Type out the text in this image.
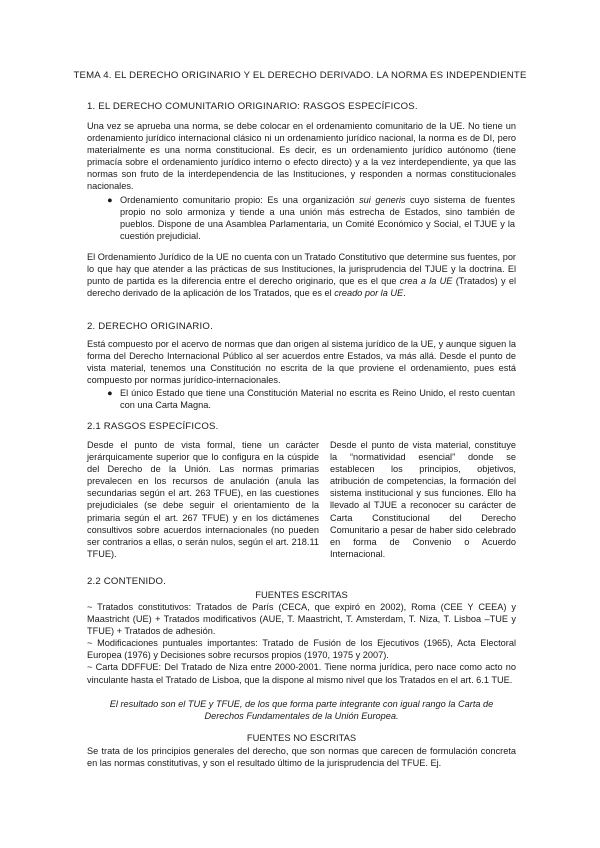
TEMA 4. EL DERECHO ORIGINARIO Y EL DERECHO DERIVADO. LA NORMA ES INDEPENDIENTE
1. EL DERECHO COMUNITARIO ORIGINARIO: RASGOS ESPECÍFICOS.
Una vez se aprueba una norma, se debe colocar en el ordenamiento comunitario de la UE. No tiene un ordenamiento jurídico internacional clásico ni un ordenamiento jurídico nacional, la norma es de DI, pero materialmente es una norma constitucional. Es decir, es un ordenamiento jurídico autónomo (tiene primacía sobre el ordenamiento jurídico interno o efecto directo) y a la vez interdependiente, ya que las normas son fruto de la interdependencia de las Instituciones, y responden a normas constitucionales nacionales.
● Ordenamiento comunitario propio: Es una organización sui generis cuyo sistema de fuentes propio no solo armoniza y tiende a una unión más estrecha de Estados, sino también de pueblos. Dispone de una Asamblea Parlamentaria, un Comité Económico y Social, el TJUE y la cuestión prejudicial.
El Ordenamiento Jurídico de la UE no cuenta con un Tratado Constitutivo que determine sus fuentes, por lo que hay que atender a las prácticas de sus Instituciones, la jurisprudencia del TJUE y la doctrina. El punto de partida es la diferencia entre el derecho originario, que es el que crea a la UE (Tratados) y el derecho derivado de la aplicación de los Tratados, que es el creado por la UE.
2. DERECHO ORIGINARIO.
Está compuesto por el acervo de normas que dan origen al sistema jurídico de la UE, y aunque siguen la forma del Derecho Internacional Público al ser acuerdos entre Estados, va más allá. Desde el punto de vista material, tenemos una Constitución no escrita de la que proviene el ordenamiento, pues está compuesto por normas jurídico-internacionales.
● El único Estado que tiene una Constitución Material no escrita es Reino Unido, el resto cuentan con una Carta Magna.
2.1 RASGOS ESPECÍFICOS.
Desde el punto de vista formal, tiene un carácter jerárquicamente superior que lo configura en la cúspide del Derecho de la Unión. Las normas primarias prevalecen en los recursos de anulación (anula las secundarias según el art. 263 TFUE), en las cuestiones prejudiciales (se debe seguir el orientamiento de la primaria según el art. 267 TFUE) y en los dictámenes consultivos sobre acuerdos internacionales (no pueden ser contrarios a ellas, o serán nulos, según el art. 218.11 TFUE).
Desde el punto de vista material, constituye la “normatividad esencial” donde se establecen los principios, objetivos, atribución de competencias, la formación del sistema institucional y sus funciones. Ello ha llevado al TJUE a reconocer su carácter de Carta Constitucional del Derecho Comunitario a pesar de haber sido celebrado en forma de Convenio o Acuerdo Internacional.
2.2 CONTENIDO.
FUENTES ESCRITAS
~ Tratados constitutivos: Tratados de París (CECA, que expiró en 2002), Roma (CEE Y CEEA) y Maastricht (UE) + Tratados modificativos (AUE, T. Maastricht, T. Amsterdam, T. Niza, T. Lisboa –TUE y TFUE) + Tratados de adhesión.
~ Modificaciones puntuales importantes: Tratado de Fusión de los Ejecutivos (1965), Acta Electoral Europea (1976) y Decisiones sobre recursos propios (1970, 1975 y 2007).
~ Carta DDFFUE: Del Tratado de Niza entre 2000-2001. Tiene norma jurídica, pero nace como acto no vinculante hasta el Tratado de Lisboa, que la dispone al mismo nivel que los Tratados en el art. 6.1 TUE.
El resultado son el TUE y TFUE, de los que forma parte integrante con igual rango la Carta de Derechos Fundamentales de la Unión Europea.
FUENTES NO ESCRITAS
Se trata de los principios generales del derecho, que son normas que carecen de formulación concreta en las normas constitutivas, y son el resultado último de la jurisprudencia del TFUE. Ej.
